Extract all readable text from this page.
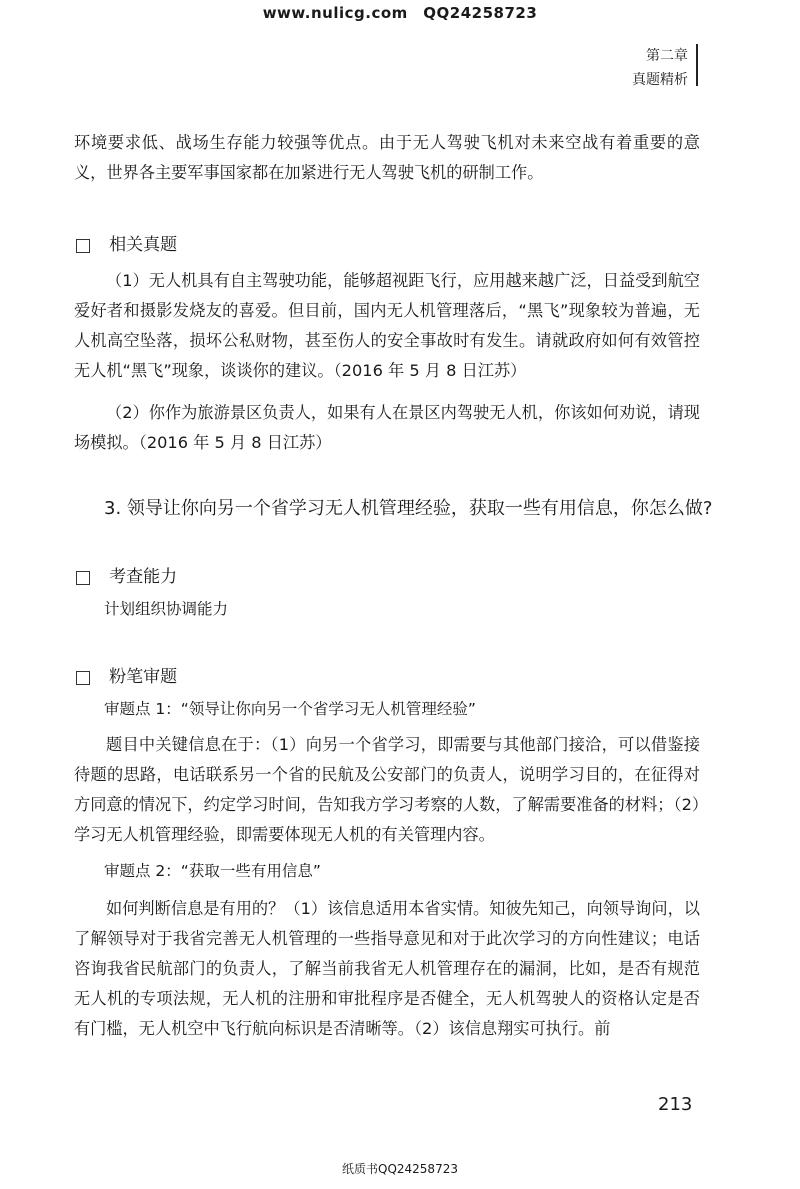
www.nulicg.com　QQ24258723
第二章
真题精析
环境要求低、战场生存能力较强等优点。由于无人驾驶飞机对未来空战有着重要的意义，世界各主要军事国家都在加紧进行无人驾驶飞机的研制工作。
相关真题
（1）无人机具有自主驾驶功能，能够超视距飞行，应用越来越广泛，日益受到航空爱好者和摄影发烧友的喜爱。但目前，国内无人机管理落后，“黑飞”现象较为普遍，无人机高空坠落，损坏公私财物，甚至伤人的安全事故时有发生。请就政府如何有效管控无人机“黑飞”现象，谈谈你的建议。（2016 年 5 月 8 日江苏）
（2）你作为旅游景区负责人，如果有人在景区内驾驶无人机，你该如何劝说，请现场模拟。（2016 年 5 月 8 日江苏）
3. 领导让你向另一个省学习无人机管理经验，获取一些有用信息，你怎么做?
考查能力
计划组织协调能力
粉笔审题
审题点 1：“领导让你向另一个省学习无人机管理经验”
题目中关键信息在于：（1）向另一个省学习，即需要与其他部门接洽，可以借鉴接待题的思路，电话联系另一个省的民航及公安部门的负责人，说明学习目的，在征得对方同意的情况下，约定学习时间，告知我方学习考察的人数，了解需要准备的材料；（2）学习无人机管理经验，即需要体现无人机的有关管理内容。
审题点 2：“获取一些有用信息”
如何判断信息是有用的？（1）该信息适用本省实情。知彼先知己，向领导询问，以了解领导对于我省完善无人机管理的一些指导意见和对于此次学习的方向性建议；电话咨询我省民航部门的负责人，了解当前我省无人机管理存在的漏洞，比如，是否有规范无人机的专项法规，无人机的注册和审批程序是否健全，无人机驾驶人的资格认定是否有门槛，无人机空中飞行航向标识是否清晰等。（2）该信息翔实可执行。前
213
纸质书QQ24258723
